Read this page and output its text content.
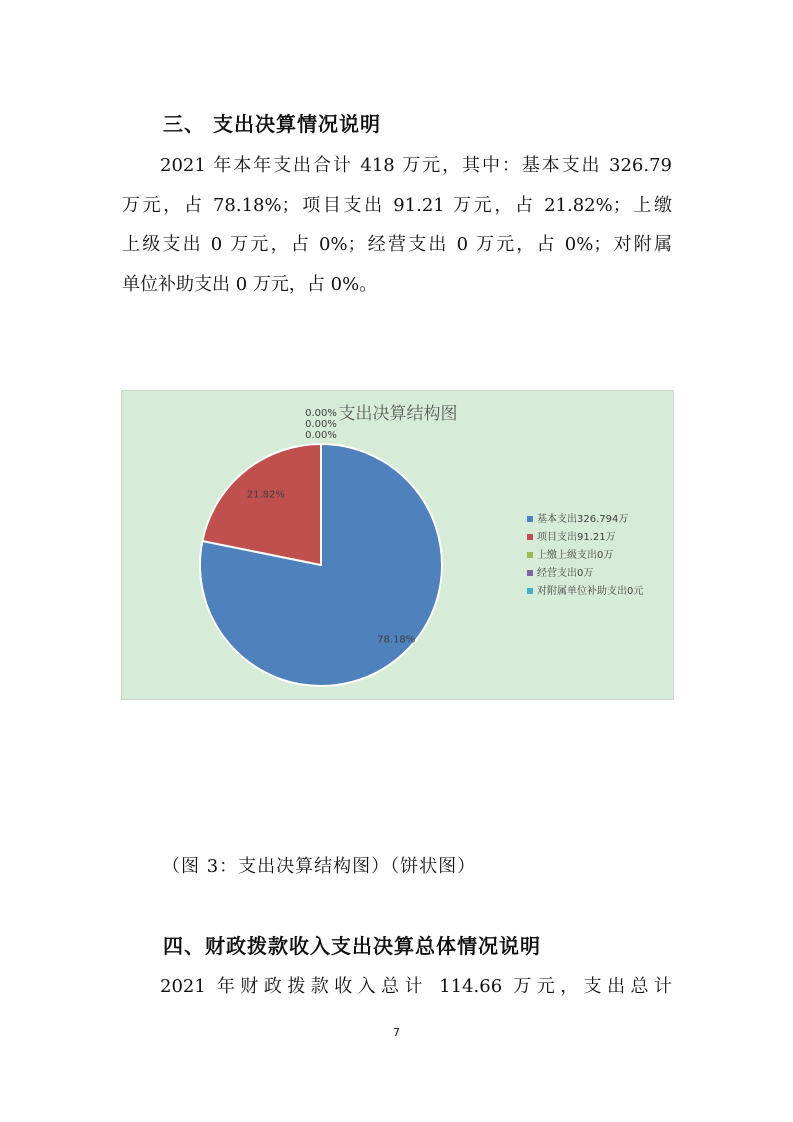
三、 支出决算情况说明
2021 年本年支出合计 418 万元，其中：基本支出 326.79
万元，占 78.18%；项目支出 91.21 万元，占 21.82%；上缴
上级支出 0 万元，占 0%；经营支出 0 万元，占 0%；对附属
单位补助支出 0 万元，占 0%。
支出决算结构图
78.18%
21.82%
0.00%
0.00%
0.00%
基本支出326.794万
项目支出91.21万
上缴上级支出0万
经营支出0万
对附属单位补助支出0元
（图 3：支出决算结构图）（饼状图）
四、财政拨款收入支出决算总体情况说明
2021 年财政拨款收入总计 114.66 万元，支出总计
7
